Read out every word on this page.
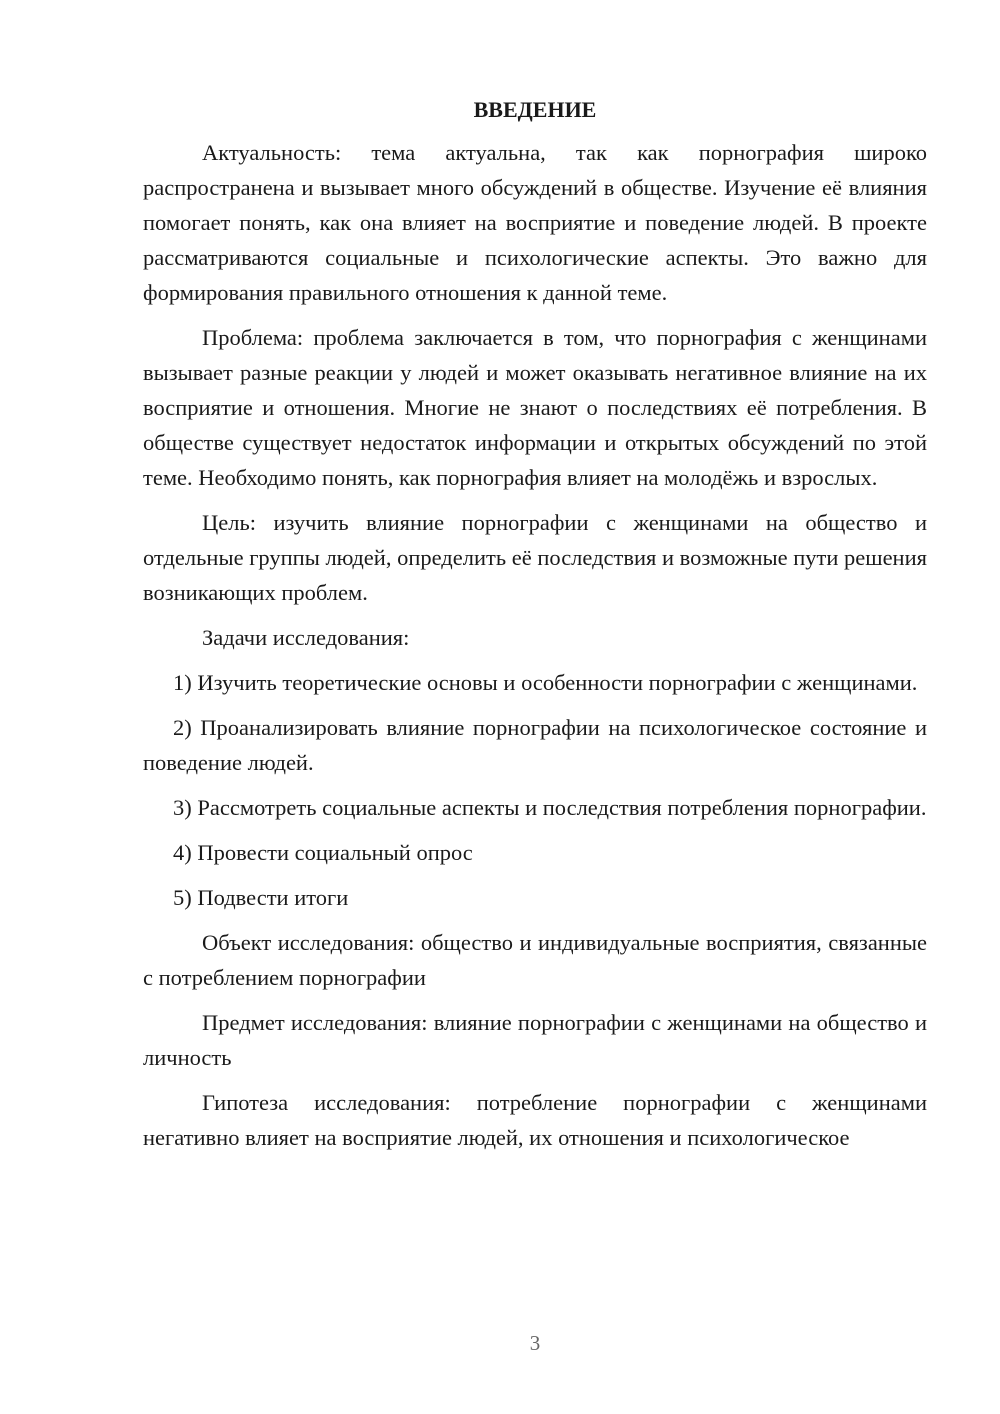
ВВЕДЕНИЕ

Актуальность: тема актуальна, так как порнография широко распространена и вызывает много обсуждений в обществе. Изучение её влияния помогает понять, как она влияет на восприятие и поведение людей. В проекте рассматриваются социальные и психологические аспекты. Это важно для формирования правильного отношения к данной теме.

Проблема: проблема заключается в том, что порнография с женщинами вызывает разные реакции у людей и может оказывать негативное влияние на их восприятие и отношения. Многие не знают о последствиях её потребления. В обществе существует недостаток информации и открытых обсуждений по этой теме. Необходимо понять, как порнография влияет на молодёжь и взрослых.

Цель: изучить влияние порнографии с женщинами на общество и отдельные группы людей, определить её последствия и возможные пути решения возникающих проблем.

Задачи исследования:

1) Изучить теоретические основы и особенности порнографии с женщинами.

2) Проанализировать влияние порнографии на психологическое состояние и поведение людей.

3) Рассмотреть социальные аспекты и последствия потребления порнографии.

4) Провести социальный опрос

5) Подвести итоги

Объект исследования: общество и индивидуальные восприятия, связанные с потреблением порнографии

Предмет исследования: влияние порнографии с женщинами на общество и личность

Гипотеза исследования: потребление порнографии с женщинами негативно влияет на восприятие людей, их отношения и психологическое

3
